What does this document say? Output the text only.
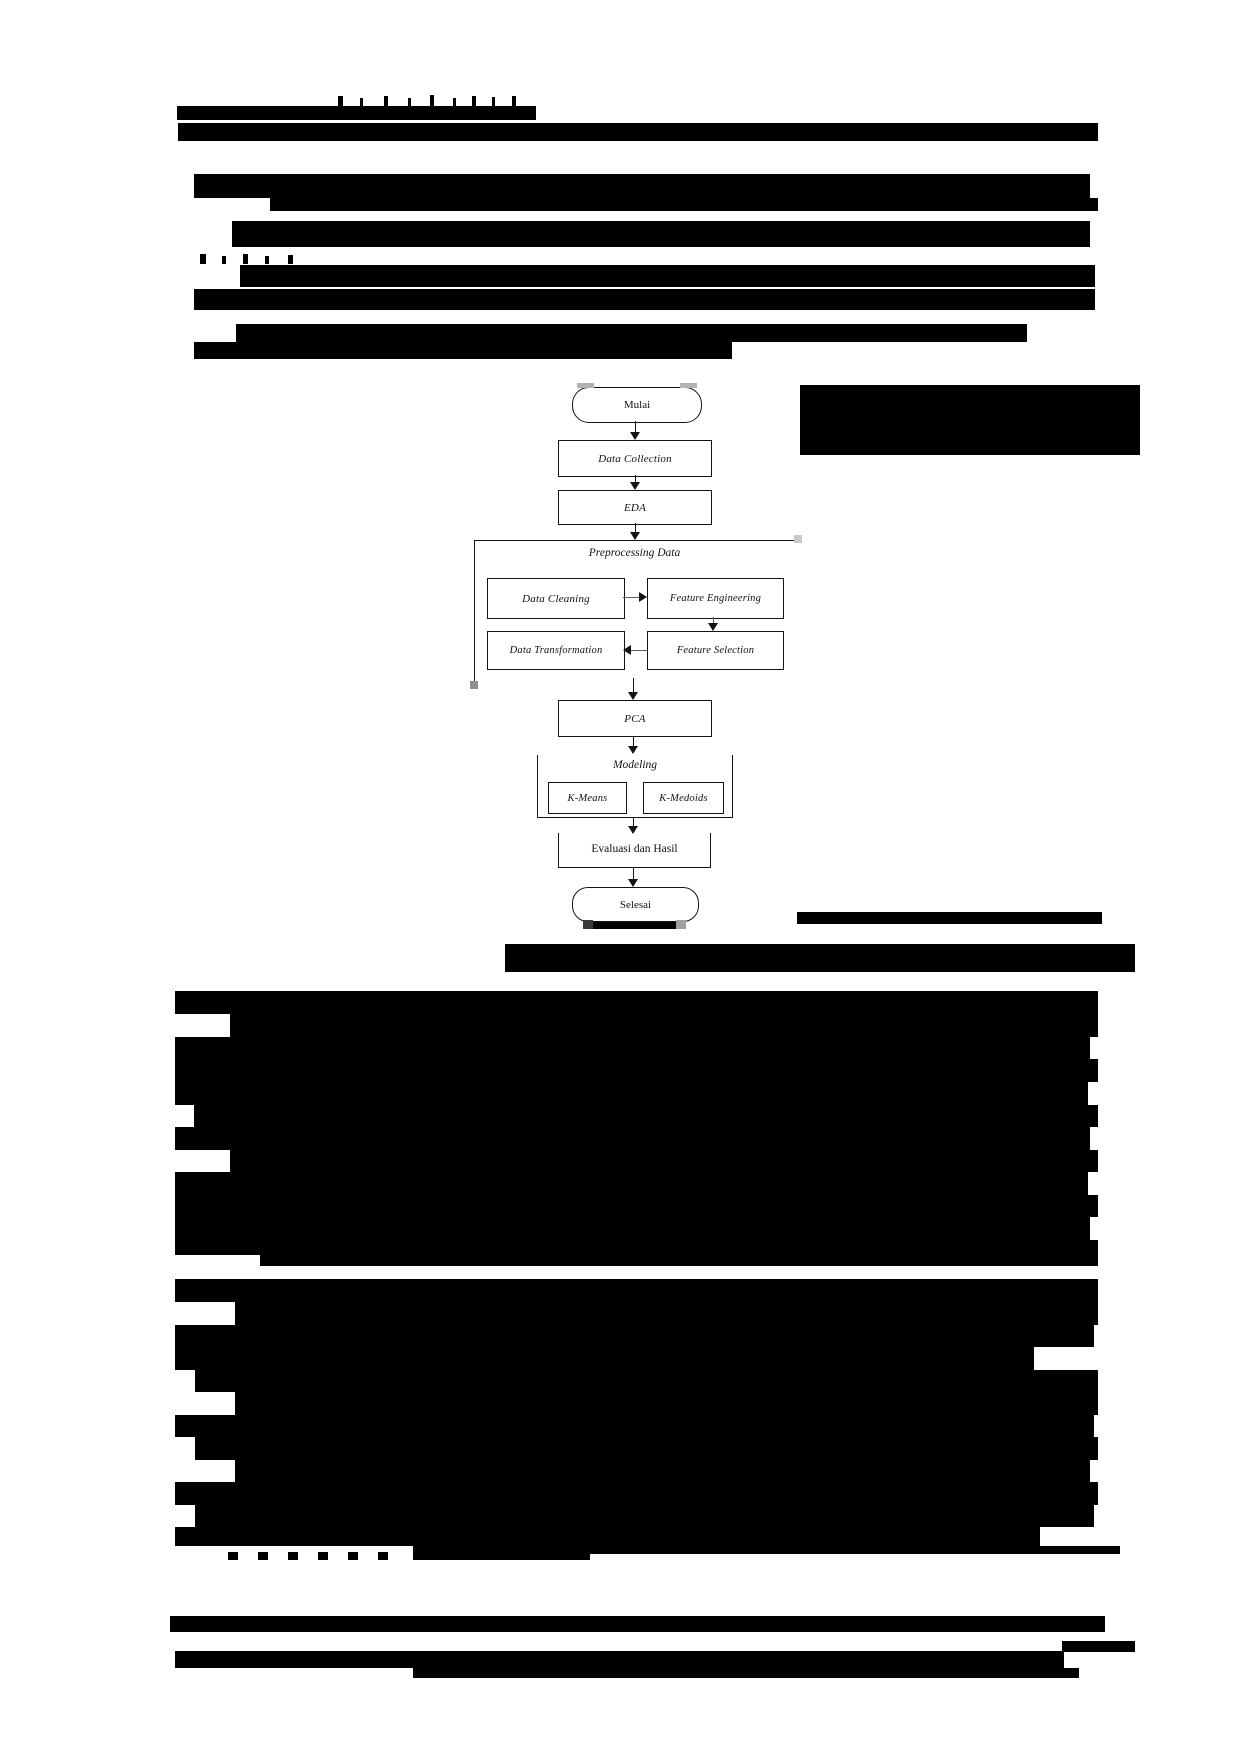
Mulai
Data Collection
EDA
Preprocessing Data
Data Cleaning	Feature Engineering
Data Transformation	Feature Selection
PCA
Modeling
K-Means	K-Medoids
Evaluasi dan Hasil
Selesai
